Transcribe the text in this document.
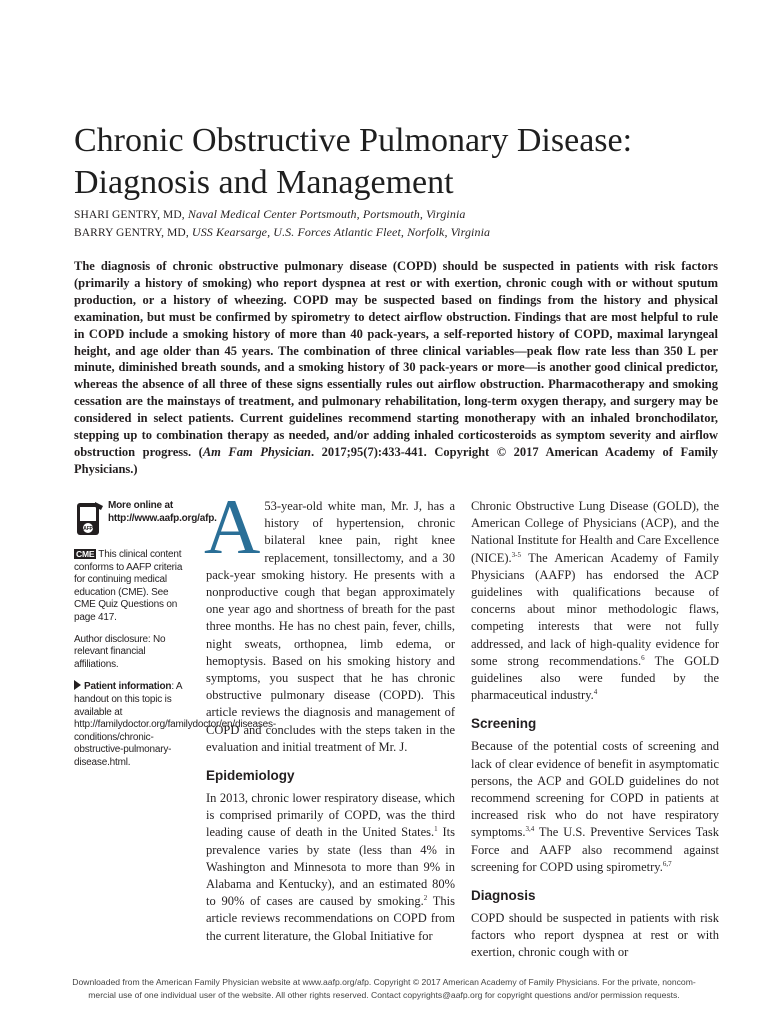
Chronic Obstructive Pulmonary Disease:
Diagnosis and Management
SHARI GENTRY, MD, Naval Medical Center Portsmouth, Portsmouth, Virginia
BARRY GENTRY, MD, USS Kearsarge, U.S. Forces Atlantic Fleet, Norfolk, Virginia
The diagnosis of chronic obstructive pulmonary disease (COPD) should be suspected in patients with risk factors (primarily a history of smoking) who report dyspnea at rest or with exertion, chronic cough with or without sputum production, or a history of wheezing. COPD may be suspected based on findings from the history and physical examination, but must be confirmed by spirometry to detect airflow obstruction. Findings that are most helpful to rule in COPD include a smoking history of more than 40 pack-years, a self-reported history of COPD, maximal laryngeal height, and age older than 45 years. The combination of three clinical variables—peak flow rate less than 350 L per minute, diminished breath sounds, and a smoking history of 30 pack-years or more—is another good clinical predictor, whereas the absence of all three of these signs essentially rules out airflow obstruction. Pharmacotherapy and smoking cessation are the mainstays of treatment, and pulmonary rehabilitation, long-term oxygen therapy, and surgery may be considered in select patients. Current guidelines recommend starting monotherapy with an inhaled bronchodilator, stepping up to combination therapy as needed, and/or adding inhaled corticosteroids as symptom severity and airflow obstruction progress. (Am Fam Physician. 2017;95(7):433-441. Copyright © 2017 American Academy of Family Physicians.)
AFP
More online at http://www.aafp.org/afp.
CME This clinical content conforms to AAFP criteria for continuing medical education (CME). See CME Quiz Questions on page 417.
Author disclosure: No relevant financial affiliations.
Patient information: A handout on this topic is available at http://familydoctor.org/familydoctor/en/diseases-conditions/chronic-obstructive-pulmonary-disease.html.

A 53-year-old white man, Mr. J, has a history of hypertension, chronic bilateral knee pain, right knee replacement, tonsillectomy, and a 30 pack-year smoking history. He presents with a nonproductive cough that began approximately one year ago and shortness of breath for the past three months. He has no chest pain, fever, chills, night sweats, orthopnea, limb edema, or hemoptysis. Based on his smoking history and symptoms, you suspect that he has chronic obstructive pulmonary disease (COPD). This article reviews the diagnosis and management of COPD and concludes with the steps taken in the evaluation and initial treatment of Mr. J.

Epidemiology

In 2013, chronic lower respiratory disease, which is comprised primarily of COPD, was the third leading cause of death in the United States.$^1$ Its prevalence varies by state (less than 4% in Washington and Minnesota to more than 9% in Alabama and Kentucky), and an estimated 80% to 90% of cases are caused by smoking.$^2$ This article reviews recommendations on COPD from the current literature, the Global Initiative for

Chronic Obstructive Lung Disease (GOLD), the American College of Physicians (ACP), and the National Institute for Health and Care Excellence (NICE).$^{3-5}$ The American Academy of Family Physicians (AAFP) has endorsed the ACP guidelines with qualifications because of concerns about minor methodologic flaws, competing interests that were not fully addressed, and lack of high-quality evidence for some strong recommendations.$^6$ The GOLD guidelines also were funded by the pharmaceutical industry.$^4$

Screening

Because of the potential costs of screening and lack of clear evidence of benefit in asymptomatic persons, the ACP and GOLD guidelines do not recommend screening for COPD in patients at increased risk who do not have respiratory symptoms.$^{3,4}$ The U.S. Preventive Services Task Force and AAFP also recommend against screening for COPD using spirometry.$^{6,7}$

Diagnosis

COPD should be suspected in patients with risk factors who report dyspnea at rest or with exertion, chronic cough with or

Downloaded from the American Family Physician website at www.aafp.org/afp. Copyright © 2017 American Academy of Family Physicians. For the private, noncom-
mercial use of one individual user of the website. All other rights reserved. Contact copyrights@aafp.org for copyright questions and/or permission requests.
